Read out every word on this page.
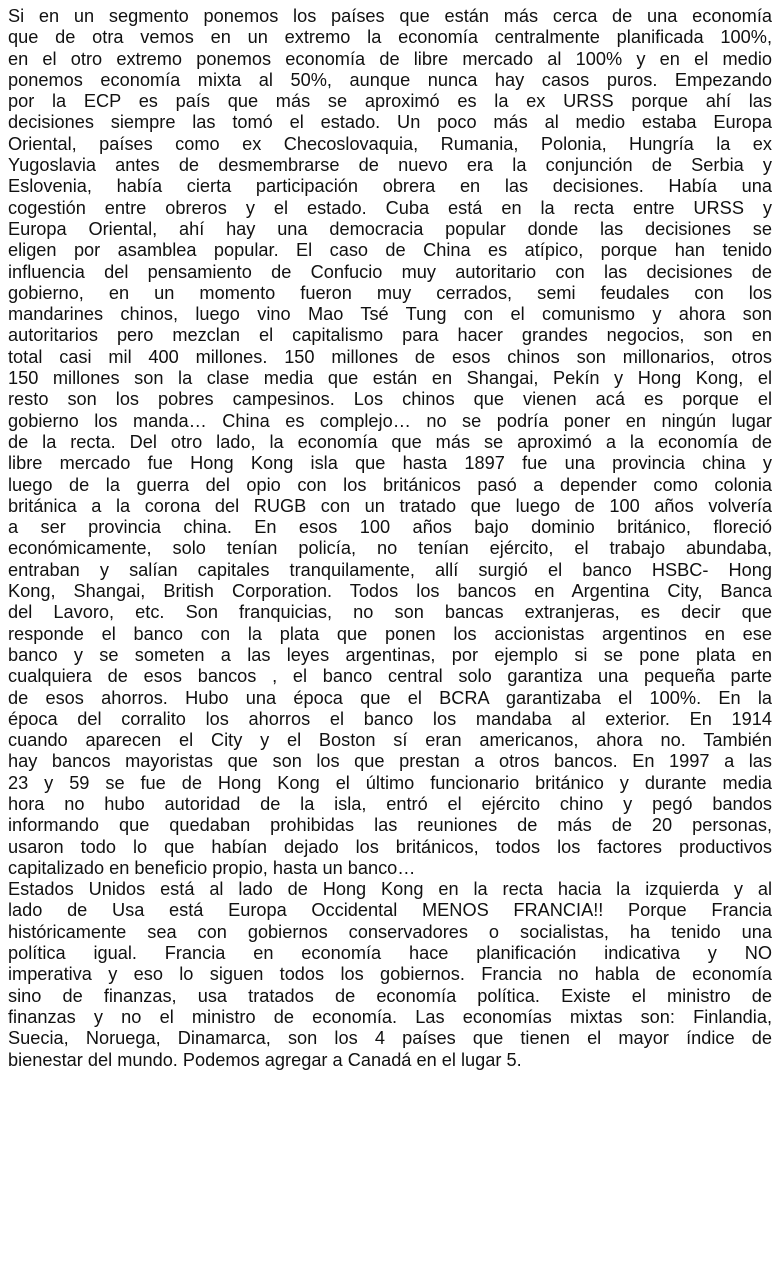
Si en un segmento ponemos los países que están más cerca de una economía
que de otra vemos en un extremo la economía centralmente planificada 100%,
en el otro extremo ponemos economía de libre mercado al 100% y en el medio
ponemos economía mixta al 50%, aunque nunca hay casos puros. Empezando
por la ECP es país que más se aproximó es la ex URSS porque ahí las
decisiones siempre las tomó el estado. Un poco más al medio estaba Europa
Oriental, países como ex Checoslovaquia, Rumania, Polonia, Hungría la ex
Yugoslavia antes de desmembrarse de nuevo era la conjunción de Serbia y
Eslovenia, había cierta participación obrera en las decisiones. Había una
cogestión entre obreros y el estado. Cuba está en la recta entre URSS y
Europa Oriental, ahí hay una democracia popular donde las decisiones se
eligen por asamblea popular. El caso de China es atípico, porque han tenido
influencia del pensamiento de Confucio muy autoritario con las decisiones de
gobierno, en un momento fueron muy cerrados, semi feudales con los
mandarines chinos, luego vino Mao Tsé Tung con el comunismo y ahora son
autoritarios pero mezclan el capitalismo para hacer grandes negocios, son en
total casi mil 400 millones. 150 millones de esos chinos son millonarios, otros
150 millones son la clase media que están en Shangai, Pekín y Hong Kong, el
resto son los pobres campesinos. Los chinos que vienen acá es porque el
gobierno los manda… China es complejo… no se podría poner en ningún lugar
de la recta. Del otro lado, la economía que más se aproximó a la economía de
libre mercado fue Hong Kong isla que hasta 1897 fue una provincia china y
luego de la guerra del opio con los británicos pasó a depender como colonia
británica a la corona del RUGB con un tratado que luego de 100 años volvería
a ser provincia china. En esos 100 años bajo dominio británico, floreció
económicamente, solo tenían policía, no tenían ejército, el trabajo abundaba,
entraban y salían capitales tranquilamente, allí surgió el banco HSBC- Hong
Kong, Shangai, British Corporation. Todos los bancos en Argentina City, Banca
del Lavoro, etc. Son franquicias, no son bancas extranjeras, es decir que
responde el banco con la plata que ponen los accionistas argentinos en ese
banco y se someten a las leyes argentinas, por ejemplo si se pone plata en
cualquiera de esos bancos , el banco central solo garantiza una pequeña parte
de esos ahorros. Hubo una época que el BCRA garantizaba el 100%. En la
época del corralito los ahorros el banco los mandaba al exterior. En 1914
cuando aparecen el City y el Boston sí eran americanos, ahora no. También
hay bancos mayoristas que son los que prestan a otros bancos. En 1997 a las
23 y 59 se fue de Hong Kong el último funcionario británico y durante media
hora no hubo autoridad de la isla, entró el ejército chino y pegó bandos
informando que quedaban prohibidas las reuniones de más de 20 personas,
usaron todo lo que habían dejado los británicos, todos los factores productivos
capitalizado en beneficio propio, hasta un banco…

Estados Unidos está al lado de Hong Kong en la recta hacia la izquierda y al
lado de Usa está Europa Occidental MENOS FRANCIA!! Porque Francia
históricamente sea con gobiernos conservadores o socialistas, ha tenido una
política igual. Francia en economía hace planificación indicativa y NO
imperativa y eso lo siguen todos los gobiernos. Francia no habla de economía
sino de finanzas, usa tratados de economía política. Existe el ministro de
finanzas y no el ministro de economía. Las economías mixtas son: Finlandia,
Suecia, Noruega, Dinamarca, son los 4 países que tienen el mayor índice de
bienestar del mundo. Podemos agregar a Canadá en el lugar 5.
